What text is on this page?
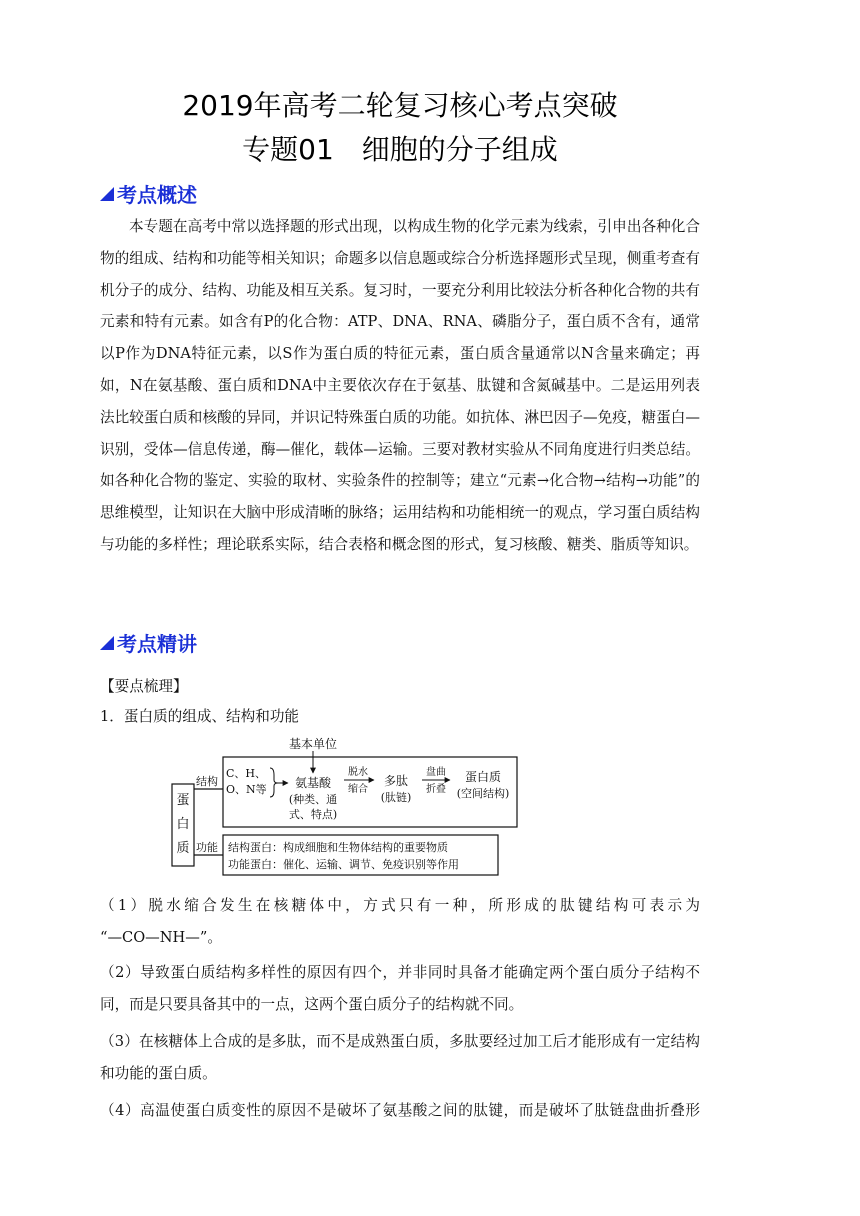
2019年高考二轮复习核心考点突破
专题01　细胞的分子组成
考点概述
本专题在高考中常以选择题的形式出现，以构成生物的化学元素为线索，引申出各种化合物的组成、结构和功能等相关知识；命题多以信息题或综合分析选择题形式呈现，侧重考查有机分子的成分、结构、功能及相互关系。复习时，一要充分利用比较法分析各种化合物的共有元素和特有元素。如含有P的化合物：ATP、DNA、RNA、磷脂分子，蛋白质不含有，通常以P作为DNA特征元素，以S作为蛋白质的特征元素，蛋白质含量通常以N含量来确定；再如，N在氨基酸、蛋白质和DNA中主要依次存在于氨基、肽键和含氮碱基中。二是运用列表法比较蛋白质和核酸的异同，并识记特殊蛋白质的功能。如抗体、淋巴因子—免疫，糖蛋白—识别，受体—信息传递，酶—催化，载体—运输。三要对教材实验从不同角度进行归类总结。如各种化合物的鉴定、实验的取材、实验条件的控制等；建立“元素→化合物→结构→功能”的思维模型，让知识在大脑中形成清晰的脉络；运用结构和功能相统一的观点，学习蛋白质结构与功能的多样性；理论联系实际，结合表格和概念图的形式，复习核酸、糖类、脂质等知识。
考点精讲
【要点梳理】
1．蛋白质的组成、结构和功能
蛋
白
质
结构
功能
基本单位
C、H、
O、N等 氨基酸
(种类、通
式、特点)
脱水
缩合
多肽
(肽链)
盘曲
折叠
蛋白质
(空间结构)
结构蛋白：构成细胞和生物体结构的重要物质
功能蛋白：催化、运输、调节、免疫识别等作用
（1）脱水缩合发生在核糖体中，方式只有一种，所形成的肽键结构可表示为
“—CO—NH—”。
（2）导致蛋白质结构多样性的原因有四个，并非同时具备才能确定两个蛋白质分子结构不同，而是只要具备其中的一点，这两个蛋白质分子的结构就不同。
（3）在核糖体上合成的是多肽，而不是成熟蛋白质，多肽要经过加工后才能形成有一定结构和功能的蛋白质。
（4）高温使蛋白质变性的原因不是破坏了氨基酸之间的肽键，而是破坏了肽链盘曲折叠形
